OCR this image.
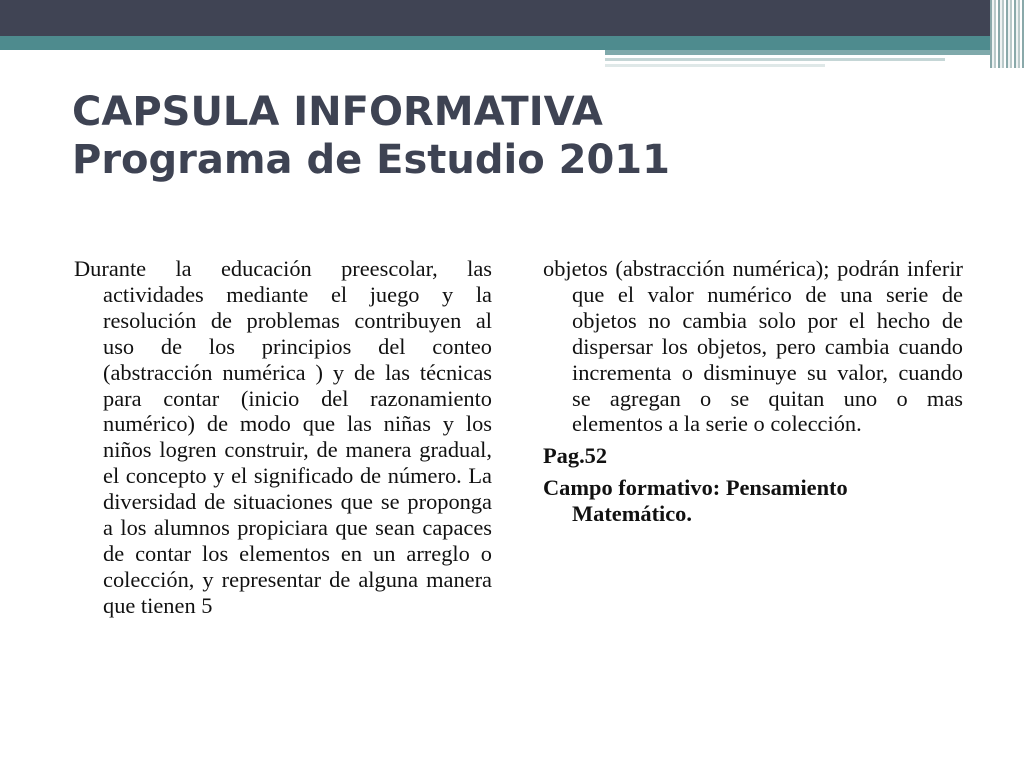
CAPSULA INFORMATIVA
Programa de Estudio 2011

Durante la educación preescolar, las actividades mediante el juego y la resolución de problemas contribuyen al uso de los principios del conteo (abstracción numérica ) y de las técnicas para contar (inicio del razonamiento numérico) de modo que las niñas y los niños logren construir, de manera gradual, el concepto y el significado de número. La diversidad de situaciones que se proponga a los alumnos propiciara que sean capaces de contar los elementos en un arreglo o colección, y representar de alguna manera que tienen 5

objetos (abstracción numérica); podrán inferir que el valor numérico de una serie de objetos no cambia solo por el hecho de dispersar los objetos, pero cambia cuando incrementa o disminuye su valor, cuando se agregan o se quitan uno o mas elementos a la serie o colección.

Pag.52

Campo formativo: Pensamiento Matemático.
